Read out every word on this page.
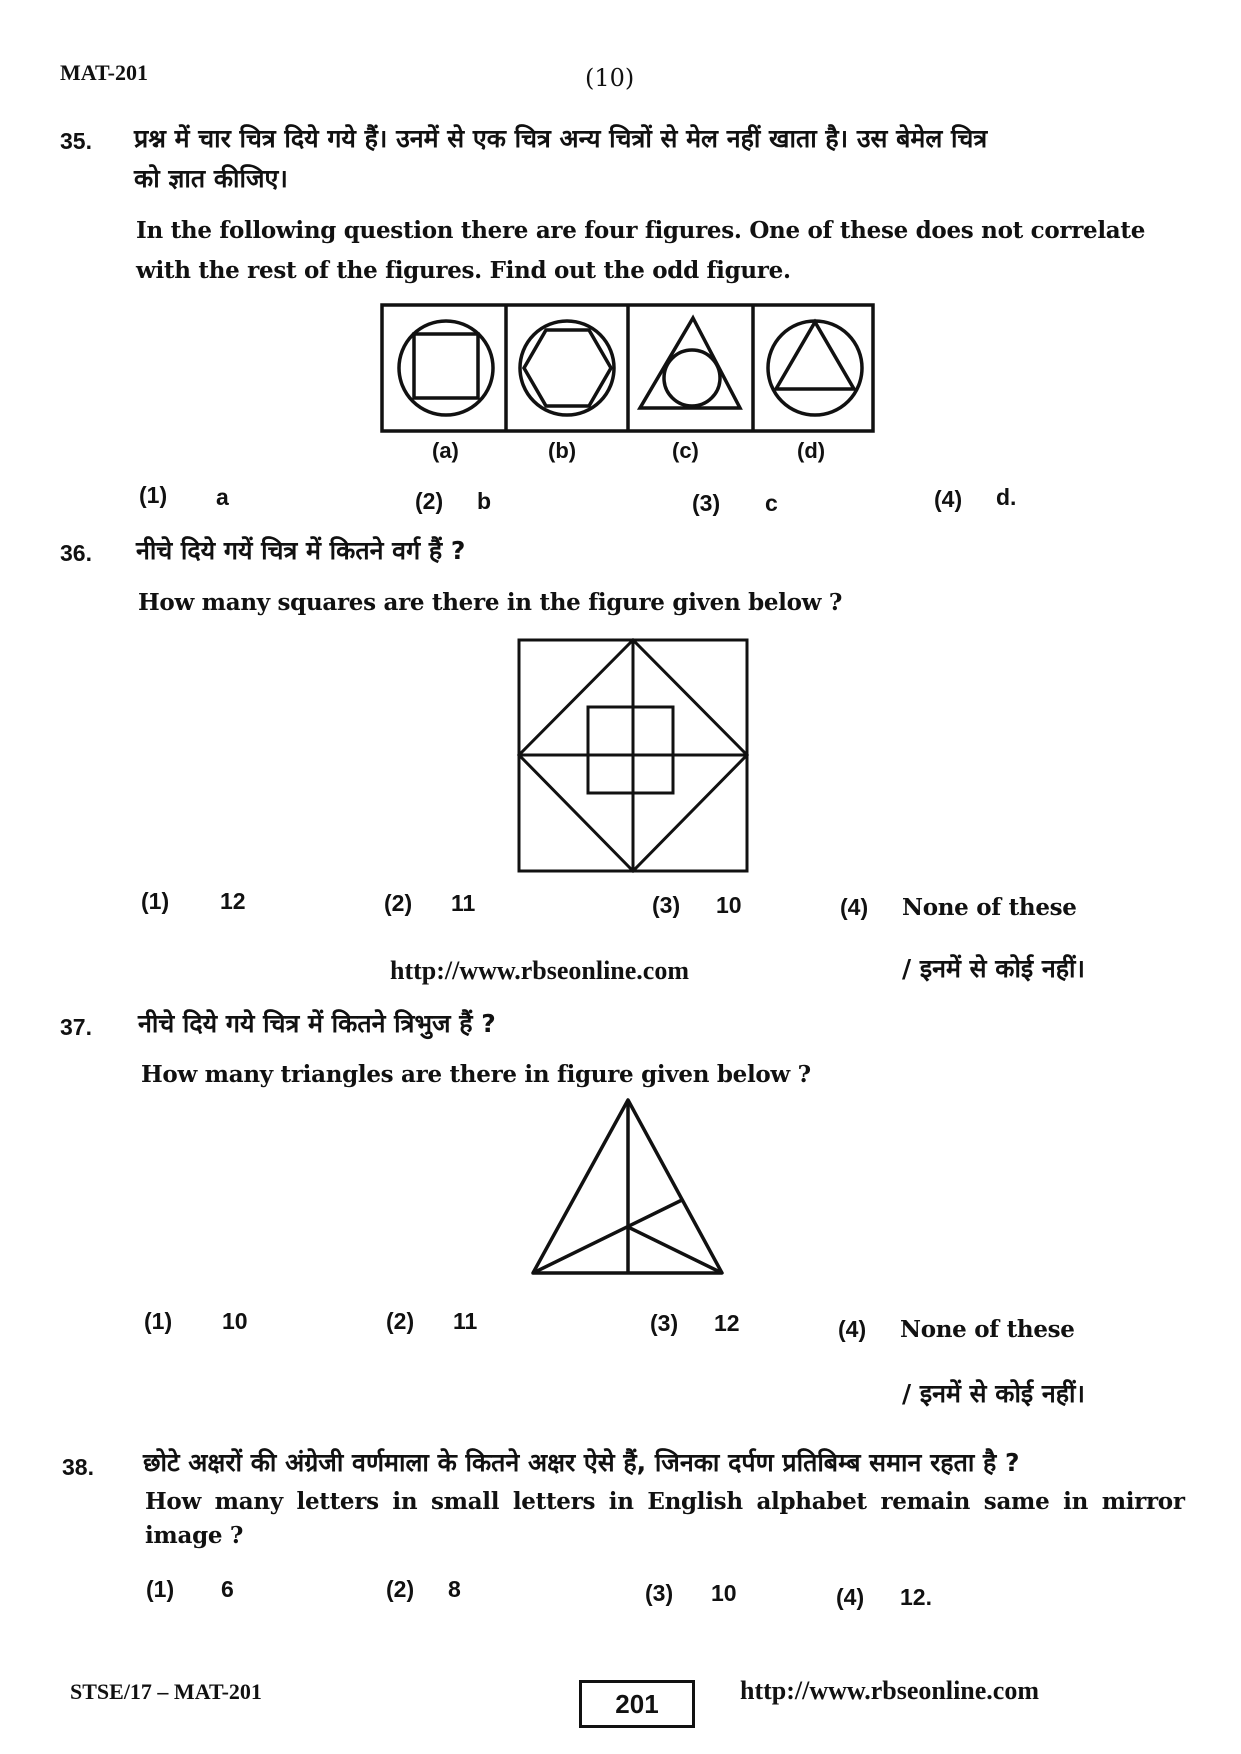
MAT-201	(10)
35. प्रश्न में चार चित्र दिये गये हैं। उनमें से एक चित्र अन्य चित्रों से मेल नहीं खाता है। उस बेमेल चित्र
को ज्ञात कीजिए।
In the following question there are four figures. One of these does not correlate
with the rest of the figures. Find out the odd figure.
(a)	(b)	(c)	(d)
(1) a	(2) b	(3) c	(4) d.
36. नीचे दिये गयें चित्र में कितने वर्ग हैं ?
How many squares are there in the figure given below ?
(1) 12	(2) 11	(3) 10	(4) None of these
http://www.rbseonline.com	/ इनमें से कोई नहीं।
37. नीचे दिये गये चित्र में कितने त्रिभुज हैं ?
How many triangles are there in figure given below ?
(1) 10	(2) 11	(3) 12	(4) None of these
/ इनमें से कोई नहीं।
38. छोटे अक्षरों की अंग्रेजी वर्णमाला के कितने अक्षर ऐसे हैं, जिनका दर्पण प्रतिबिम्ब समान रहता है ?
How many letters in small letters in English alphabet remain same in mirror
image ?
(1) 6	(2) 8	(3) 10	(4) 12.
STSE/17 – MAT-201	201	http://www.rbseonline.com
